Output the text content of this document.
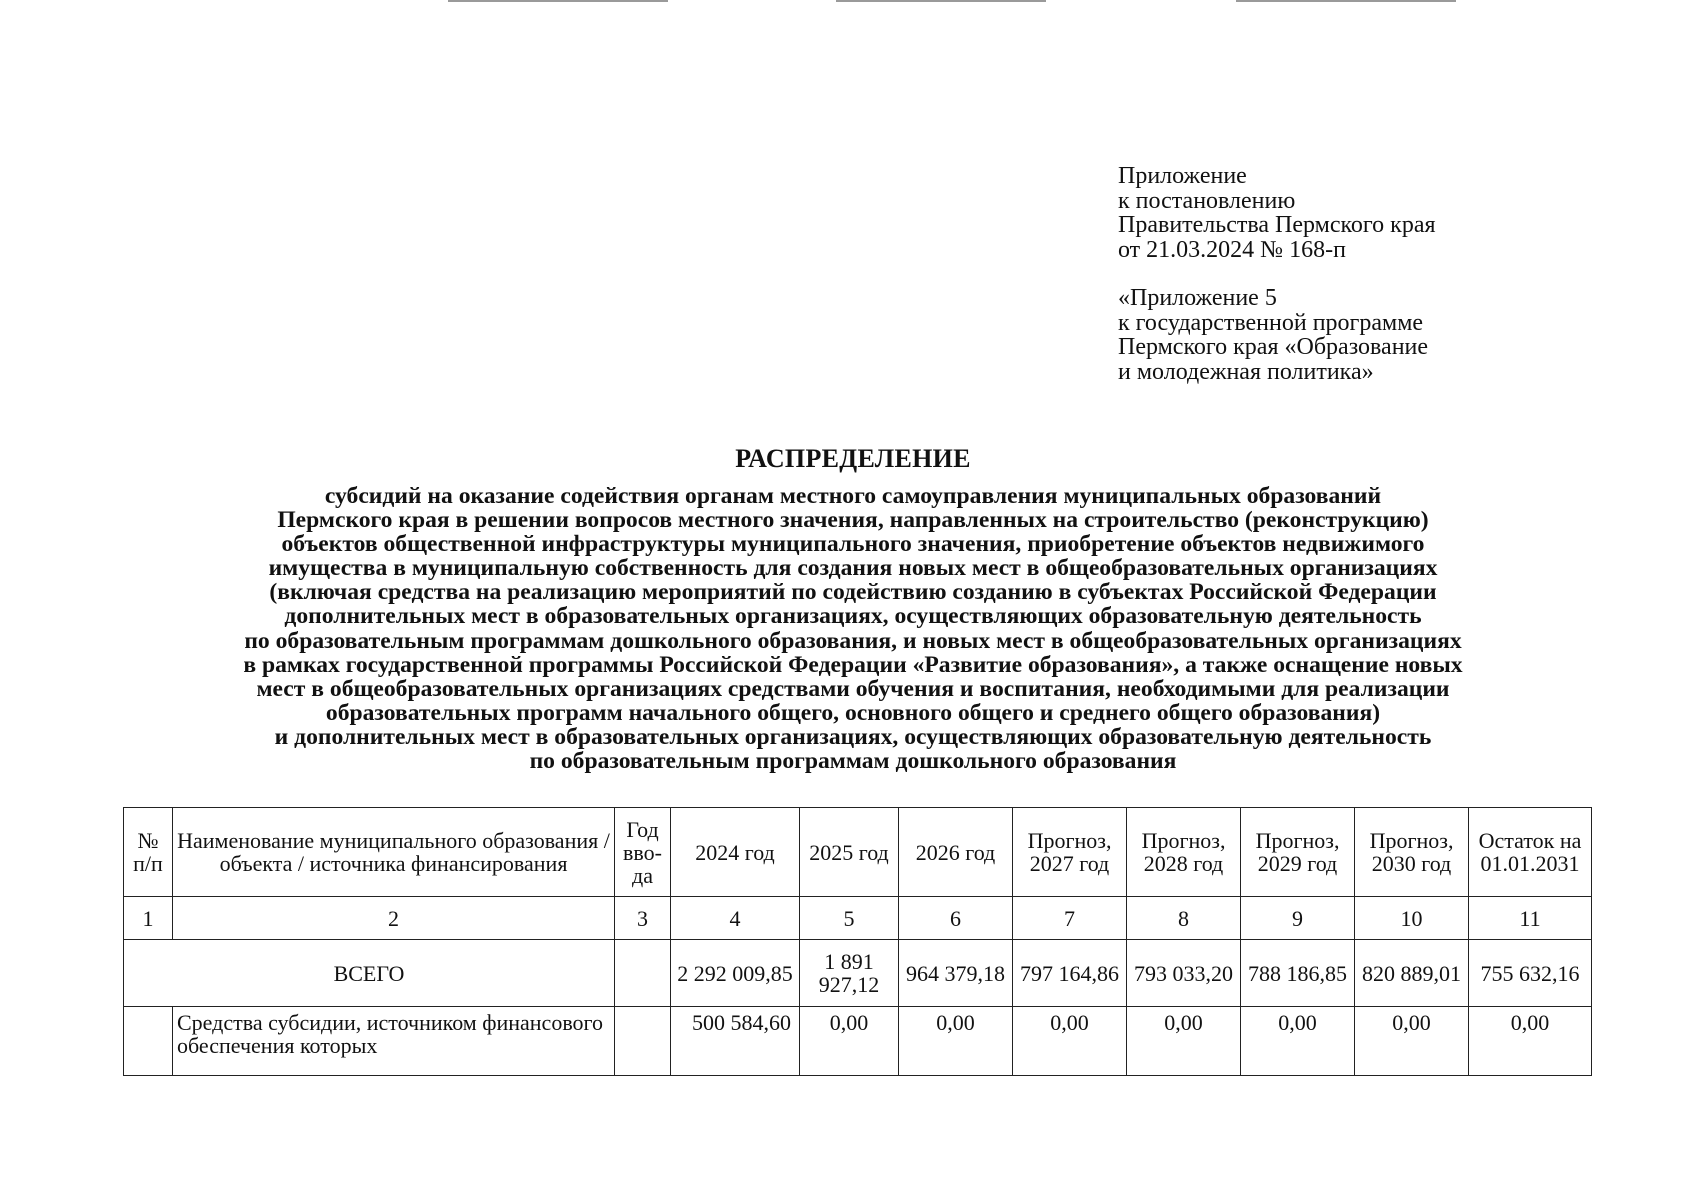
Приложение
к постановлению
Правительства Пермского края
от 21.03.2024 № 168-п
«Приложение 5
к государственной программе
Пермского края «Образование
и молодежная политика»
РАСПРЕДЕЛЕНИЕ
субсидий на оказание содействия органам местного самоуправления муниципальных образований
Пермского края в решении вопросов местного значения, направленных на строительство (реконструкцию)
объектов общественной инфраструктуры муниципального значения, приобретение объектов недвижимого
имущества в муниципальную собственность для создания новых мест в общеобразовательных организациях
(включая средства на реализацию мероприятий по содействию созданию в субъектах Российской Федерации
дополнительных мест в образовательных организациях, осуществляющих образовательную деятельность
по образовательным программам дошкольного образования, и новых мест в общеобразовательных организациях
в рамках государственной программы Российской Федерации «Развитие образования», а также оснащение новых
мест в общеобразовательных организациях средствами обучения и воспитания, необходимыми для реализации
образовательных программ начального общего, основного общего и среднего общего образования)
и дополнительных мест в образовательных организациях, осуществляющих образовательную деятельность
по образовательным программам дошкольного образования
№ п/п	Наименование муниципального образования / объекта / источника финансирования	Год вво-да	2024 год	2025 год	2026 год	Прогноз, 2027 год	Прогноз, 2028 год	Прогноз, 2029 год	Прогноз, 2030 год	Остаток на 01.01.2031
1	2	3	4	5	6	7	8	9	10	11
ВСЕГО			2 292 009,85	1 891 927,12	964 379,18	797 164,86	793 033,20	788 186,85	820 889,01	755 632,16
	Средства субсидии, источником финансового обеспечения которых		500 584,60	0,00	0,00	0,00	0,00	0,00	0,00	0,00
